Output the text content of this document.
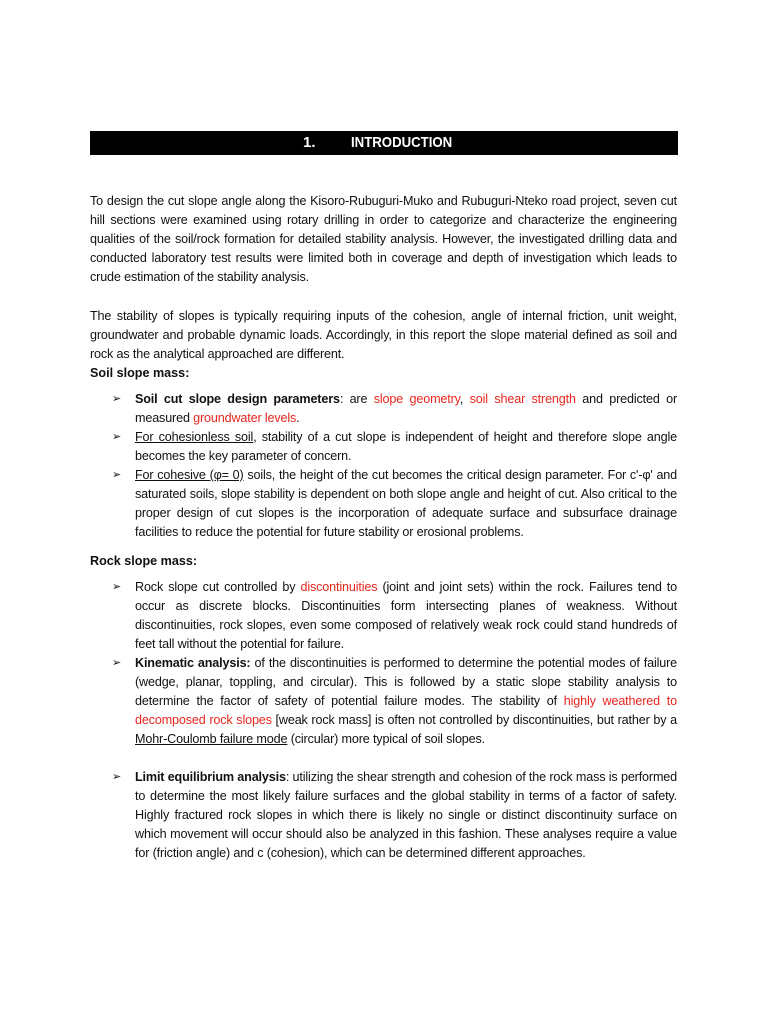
1. INTRODUCTION

To design the cut slope angle along the Kisoro-Rubuguri-Muko and Rubuguri-Nteko road project, seven cut hill sections were examined using rotary drilling in order to categorize and characterize the engineering qualities of the soil/rock formation for detailed stability analysis. However, the investigated drilling data and conducted laboratory test results were limited both in coverage and depth of investigation which leads to crude estimation of the stability analysis.

The stability of slopes is typically requiring inputs of the cohesion, angle of internal friction, unit weight, groundwater and probable dynamic loads. Accordingly, in this report the slope material defined as soil and rock as the analytical approached are different.

Soil slope mass:
➢ Soil cut slope design parameters: are slope geometry, soil shear strength and predicted or measured groundwater levels.
➢ For cohesionless soil, stability of a cut slope is independent of height and therefore slope angle becomes the key parameter of concern.
➢ For cohesive (φ= 0) soils, the height of the cut becomes the critical design parameter. For c'-φ' and saturated soils, slope stability is dependent on both slope angle and height of cut. Also critical to the proper design of cut slopes is the incorporation of adequate surface and subsurface drainage facilities to reduce the potential for future stability or erosional problems.
Rock slope mass:
➢ Rock slope cut controlled by discontinuities (joint and joint sets) within the rock. Failures tend to occur as discrete blocks. Discontinuities form intersecting planes of weakness. Without discontinuities, rock slopes, even some composed of relatively weak rock could stand hundreds of feet tall without the potential for failure.
➢ Kinematic analysis: of the discontinuities is performed to determine the potential modes of failure (wedge, planar, toppling, and circular). This is followed by a static slope stability analysis to determine the factor of safety of potential failure modes. The stability of highly weathered to decomposed rock slopes [weak rock mass] is often not controlled by discontinuities, but rather by a Mohr-Coulomb failure mode (circular) more typical of soil slopes.
➢ Limit equilibrium analysis: utilizing the shear strength and cohesion of the rock mass is performed to determine the most likely failure surfaces and the global stability in terms of a factor of safety. Highly fractured rock slopes in which there is likely no single or distinct discontinuity surface on which movement will occur should also be analyzed in this fashion. These analyses require a value for (friction angle) and c (cohesion), which can be determined different approaches.
